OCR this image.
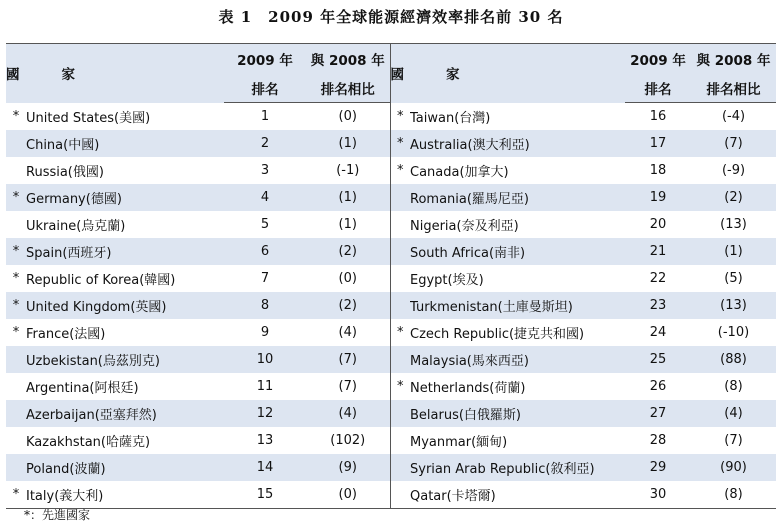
表 1　2009 年全球能源經濟效率排名前 30 名
國 家		2009 年	與 2008 年	國 家		2009 年	與 2008 年
		排名	排名相比			排名	排名相比
*	United States(美國)	1	(0)	*	Taiwan(台灣)	16	(-4)
	China(中國)	2	(1)	*	Australia(澳大利亞)	17	(7)
	Russia(俄國)	3	(-1)	*	Canada(加拿大)	18	(-9)
*	Germany(德國)	4	(1)		Romania(羅馬尼亞)	19	(2)
	Ukraine(烏克蘭)	5	(1)		Nigeria(奈及利亞)	20	(13)
*	Spain(西班牙)	6	(2)		South Africa(南非)	21	(1)
*	Republic of Korea(韓國)	7	(0)		Egypt(埃及)	22	(5)
*	United Kingdom(英國)	8	(2)		Turkmenistan(土庫曼斯坦)	23	(13)
*	France(法國)	9	(4)	*	Czech Republic(捷克共和國)	24	(-10)
	Uzbekistan(烏茲別克)	10	(7)		Malaysia(馬來西亞)	25	(88)
	Argentina(阿根廷)	11	(7)	*	Netherlands(荷蘭)	26	(8)
	Azerbaijan(亞塞拜然)	12	(4)		Belarus(白俄羅斯)	27	(4)
	Kazakhstan(哈薩克)	13	(102)		Myanmar(緬甸)	28	(7)
	Poland(波蘭)	14	(9)		Syrian Arab Republic(敘利亞)	29	(90)
*	Italy(義大利)	15	(0)		Qatar(卡塔爾)	30	(8)
*：先進國家
